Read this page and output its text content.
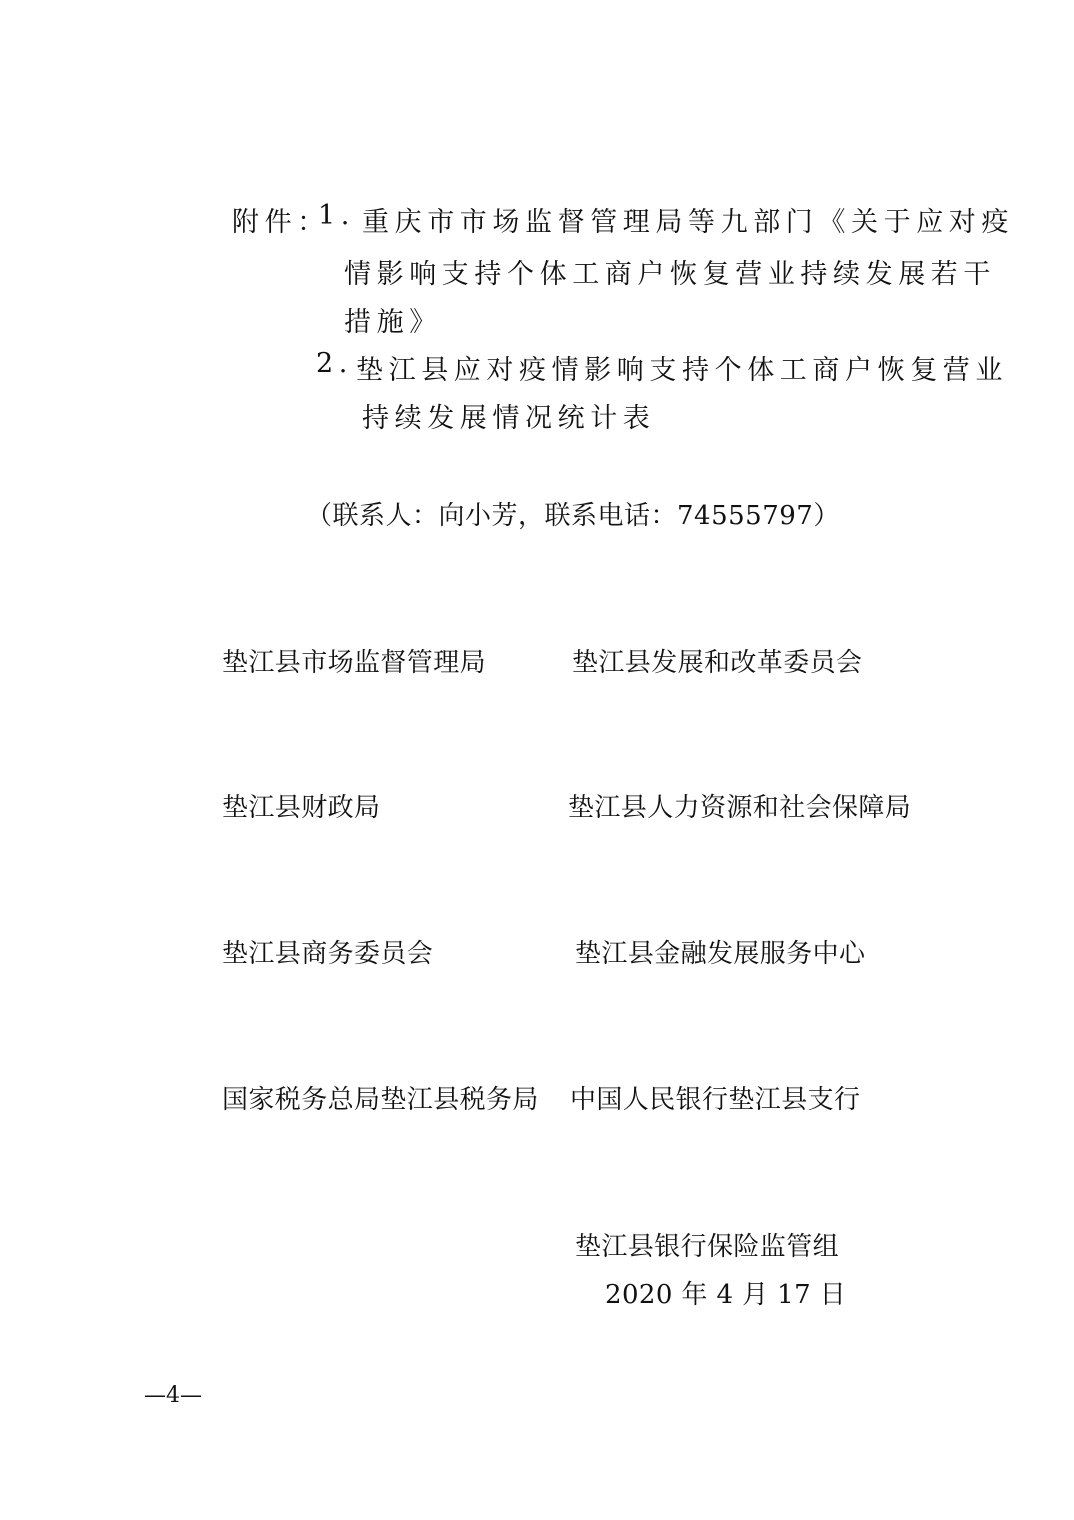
附件：
1. 重庆市市场监督管理局等九部门《关于应对疫
情影响支持个体工商户恢复营业持续发展若干
措施》
2. 垫江县应对疫情影响支持个体工商户恢复营业
持续发展情况统计表
（联系人：向小芳，联系电话：74555797）
垫江县市场监督管理局	垫江县发展和改革委员会
垫江县财政局	垫江县人力资源和社会保障局
垫江县商务委员会	垫江县金融发展服务中心
国家税务总局垫江县税务局 中国人民银行垫江县支行
垫江县银行保险监管组
2020 年 4 月 17 日
—4—
